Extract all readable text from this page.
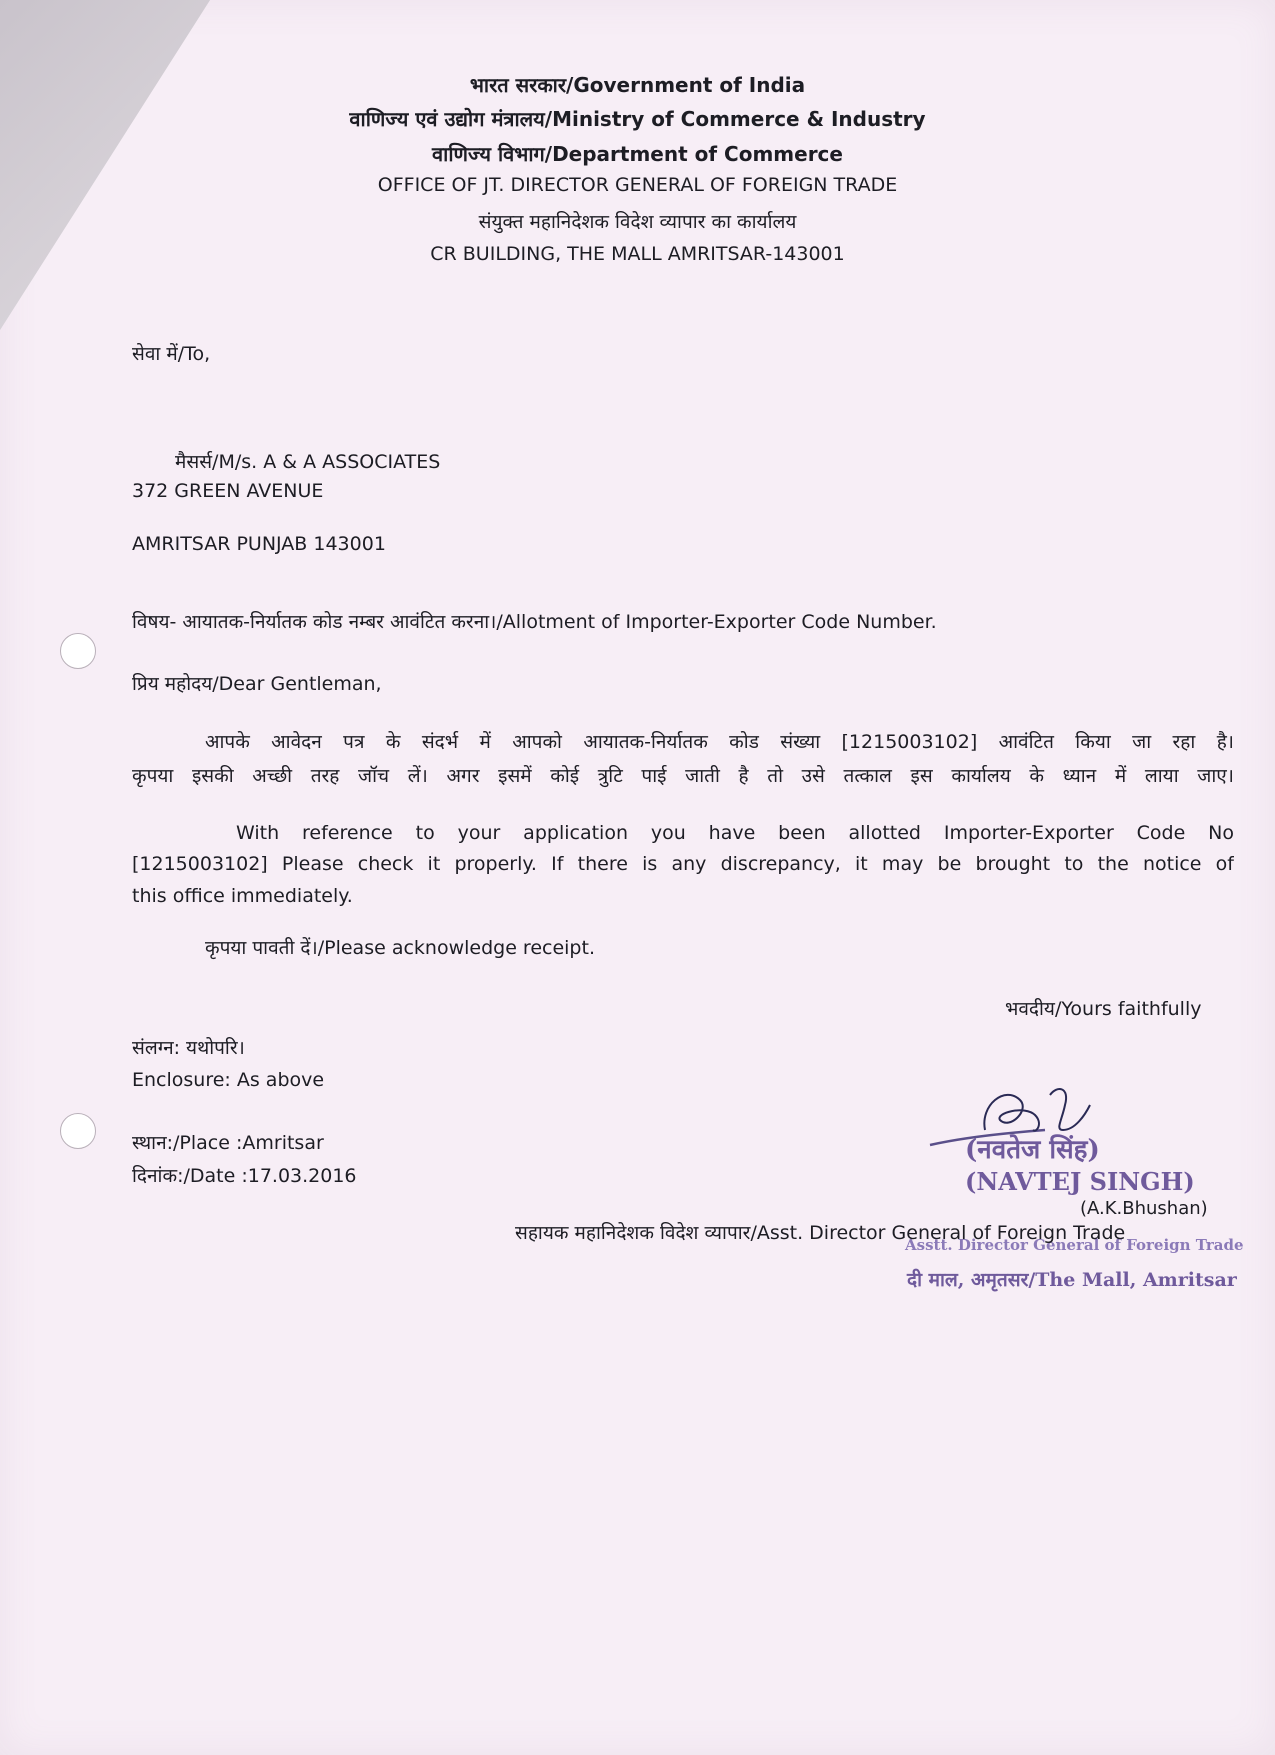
भारत सरकार/Government of India
वाणिज्य एवं उद्योग मंत्रालय/Ministry of Commerce & Industry
वाणिज्य विभाग/Department of Commerce
OFFICE OF JT. DIRECTOR GENERAL OF FOREIGN TRADE
संयुक्त महानिदेशक विदेश व्यापार का कार्यालय
CR BUILDING, THE MALL AMRITSAR-143001
सेवा में/To,
मैसर्स/M/s. A & A ASSOCIATES
372 GREEN AVENUE
AMRITSAR PUNJAB 143001
विषय- आयातक-निर्यातक कोड नम्बर आवंटित करना।/Allotment of Importer-Exporter Code Number.
प्रिय महोदय/Dear Gentleman,
आपके आवेदन पत्र के संदर्भ में आपको आयातक-निर्यातक कोड संख्या [1215003102] आवंटित किया जा रहा है।
कृपया इसकी अच्छी तरह जॉच लें। अगर इसमें कोई त्रुटि पाई जाती है तो उसे तत्काल इस कार्यालय के ध्यान में लाया जाए।
With reference to your application you have been allotted Importer-Exporter Code No
[1215003102] Please check it properly. If there is any discrepancy, it may be brought to the notice of
this office immediately.
कृपया पावती दें।/Please acknowledge receipt.
भवदीय/Yours faithfully
संलग्न: यथोपरि।
Enclosure: As above
स्थान:/Place :Amritsar
दिनांक:/Date :17.03.2016
(नवतेज सिंह)
(NAVTEJ SINGH)
Asstt. Director General of Foreign Trade
दी माल, अमृतसर/The Mall, Amritsar
(A.K.Bhushan)
सहायक महानिदेशक विदेश व्यापार/Asst. Director General of Foreign Trade
